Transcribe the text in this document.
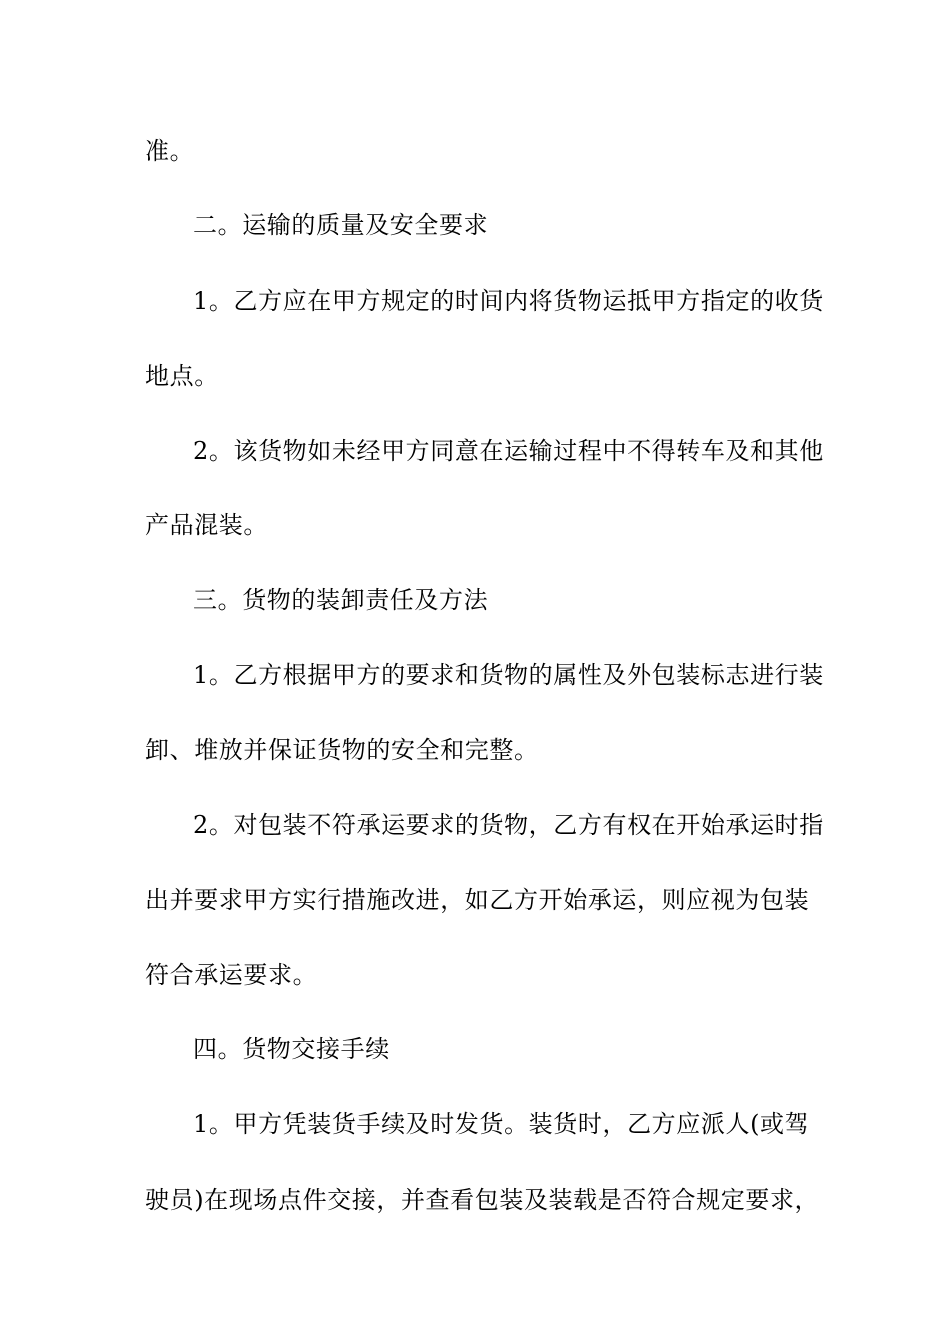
准。
二。运输的质量及安全要求
1。乙方应在甲方规定的时间内将货物运抵甲方指定的收货
地点。
2。该货物如未经甲方同意在运输过程中不得转车及和其他
产品混装。
三。货物的装卸责任及方法
1。乙方根据甲方的要求和货物的属性及外包装标志进行装
卸、堆放并保证货物的安全和完整。
2。对包装不符承运要求的货物，乙方有权在开始承运时指
出并要求甲方实行措施改进，如乙方开始承运，则应视为包装
符合承运要求。
四。货物交接手续
1。甲方凭装货手续及时发货。装货时，乙方应派人(或驾
驶员)在现场点件交接，并查看包装及装载是否符合规定要求，
